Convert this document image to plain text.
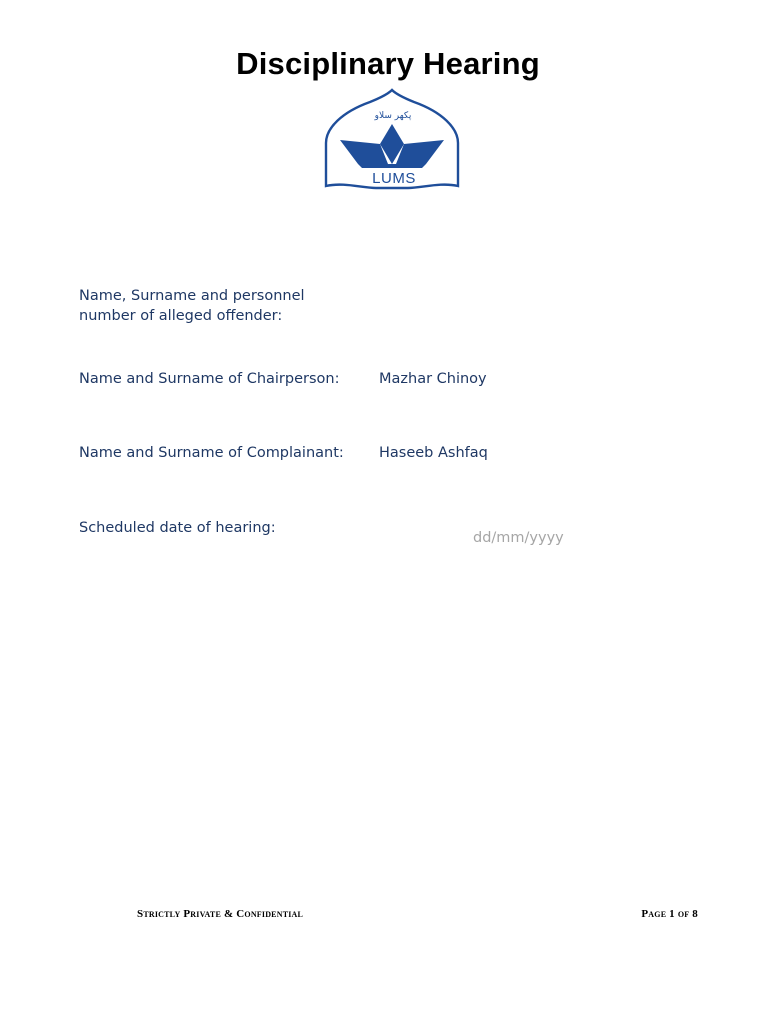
Disciplinary Hearing
پکھر سلاو
LUMS
Name, Surname and personnel
number of alleged offender:
Name and Surname of Chairperson:	Mazhar Chinoy
Name and Surname of Complainant: Haseeb Ashfaq
Scheduled date of hearing:
dd/mm/yyyy
Strictly Private & Confidential	Page 1 of 8
